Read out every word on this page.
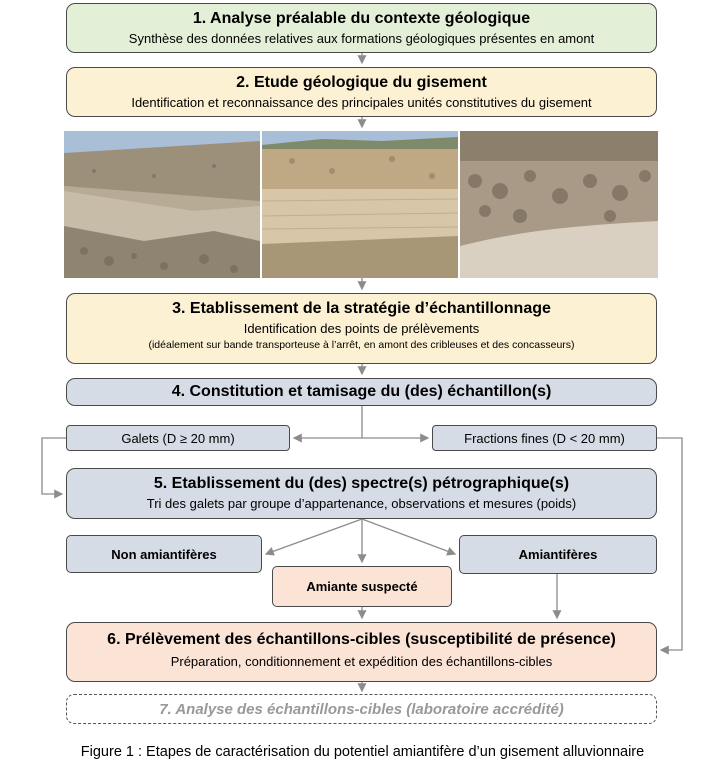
1. Analyse préalable du contexte géologique
Synthèse des données relatives aux formations géologiques présentes en amont
2. Etude géologique du gisement
Identification et reconnaissance des principales unités constitutives du gisement
3. Etablissement de la stratégie d’échantillonnage
Identification des points de prélèvements
(idéalement sur bande transporteuse à l’arrêt, en amont des cribleuses et des concasseurs)
4. Constitution et tamisage du (des) échantillon(s)
Galets (D ≥ 20 mm)	Fractions fines (D < 20 mm)
5. Etablissement du (des) spectre(s) pétrographique(s)
Tri des galets par groupe d’appartenance, observations et mesures (poids)
Non amiantifères	Amiantifères
Amiante suspecté
6. Prélèvement des échantillons-cibles (susceptibilité de présence)
Préparation, conditionnement et expédition des échantillons-cibles
7. Analyse des échantillons-cibles (laboratoire accrédité)
Figure 1 : Etapes de caractérisation du potentiel amiantifère d’un gisement alluvionnaire
